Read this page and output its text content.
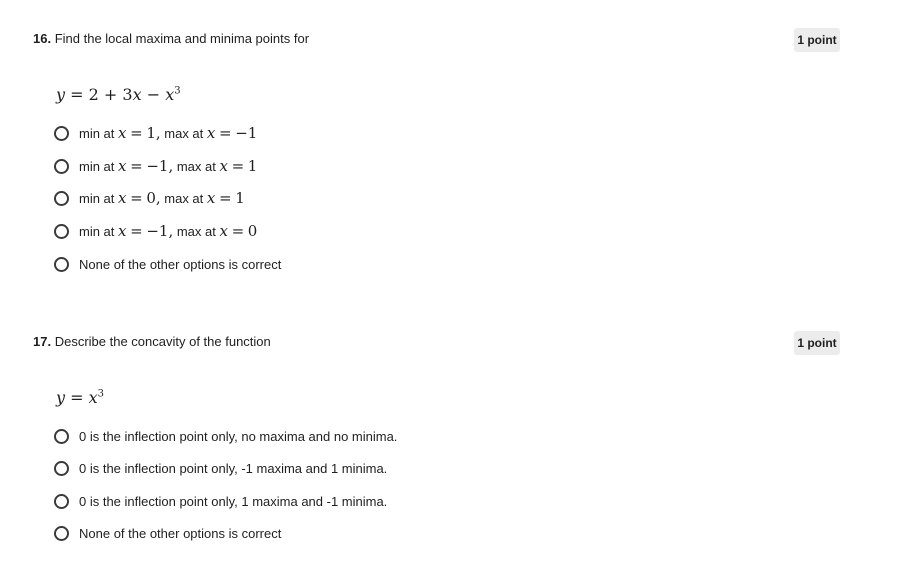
16. Find the local maxima and minima points for	1 point
$y = 2 + 3x - x^3$
min at x = 1, max at x = −1
min at x = −1, max at x = 1
min at x = 0, max at x = 1
min at x = −1, max at x = 0
None of the other options is correct
17. Describe the concavity of the function	1 point
$y = x^3$
0 is the inflection point only, no maxima and no minima.
0 is the inflection point only, -1 maxima and 1 minima.
0 is the inflection point only, 1 maxima and -1 minima.
None of the other options is correct
